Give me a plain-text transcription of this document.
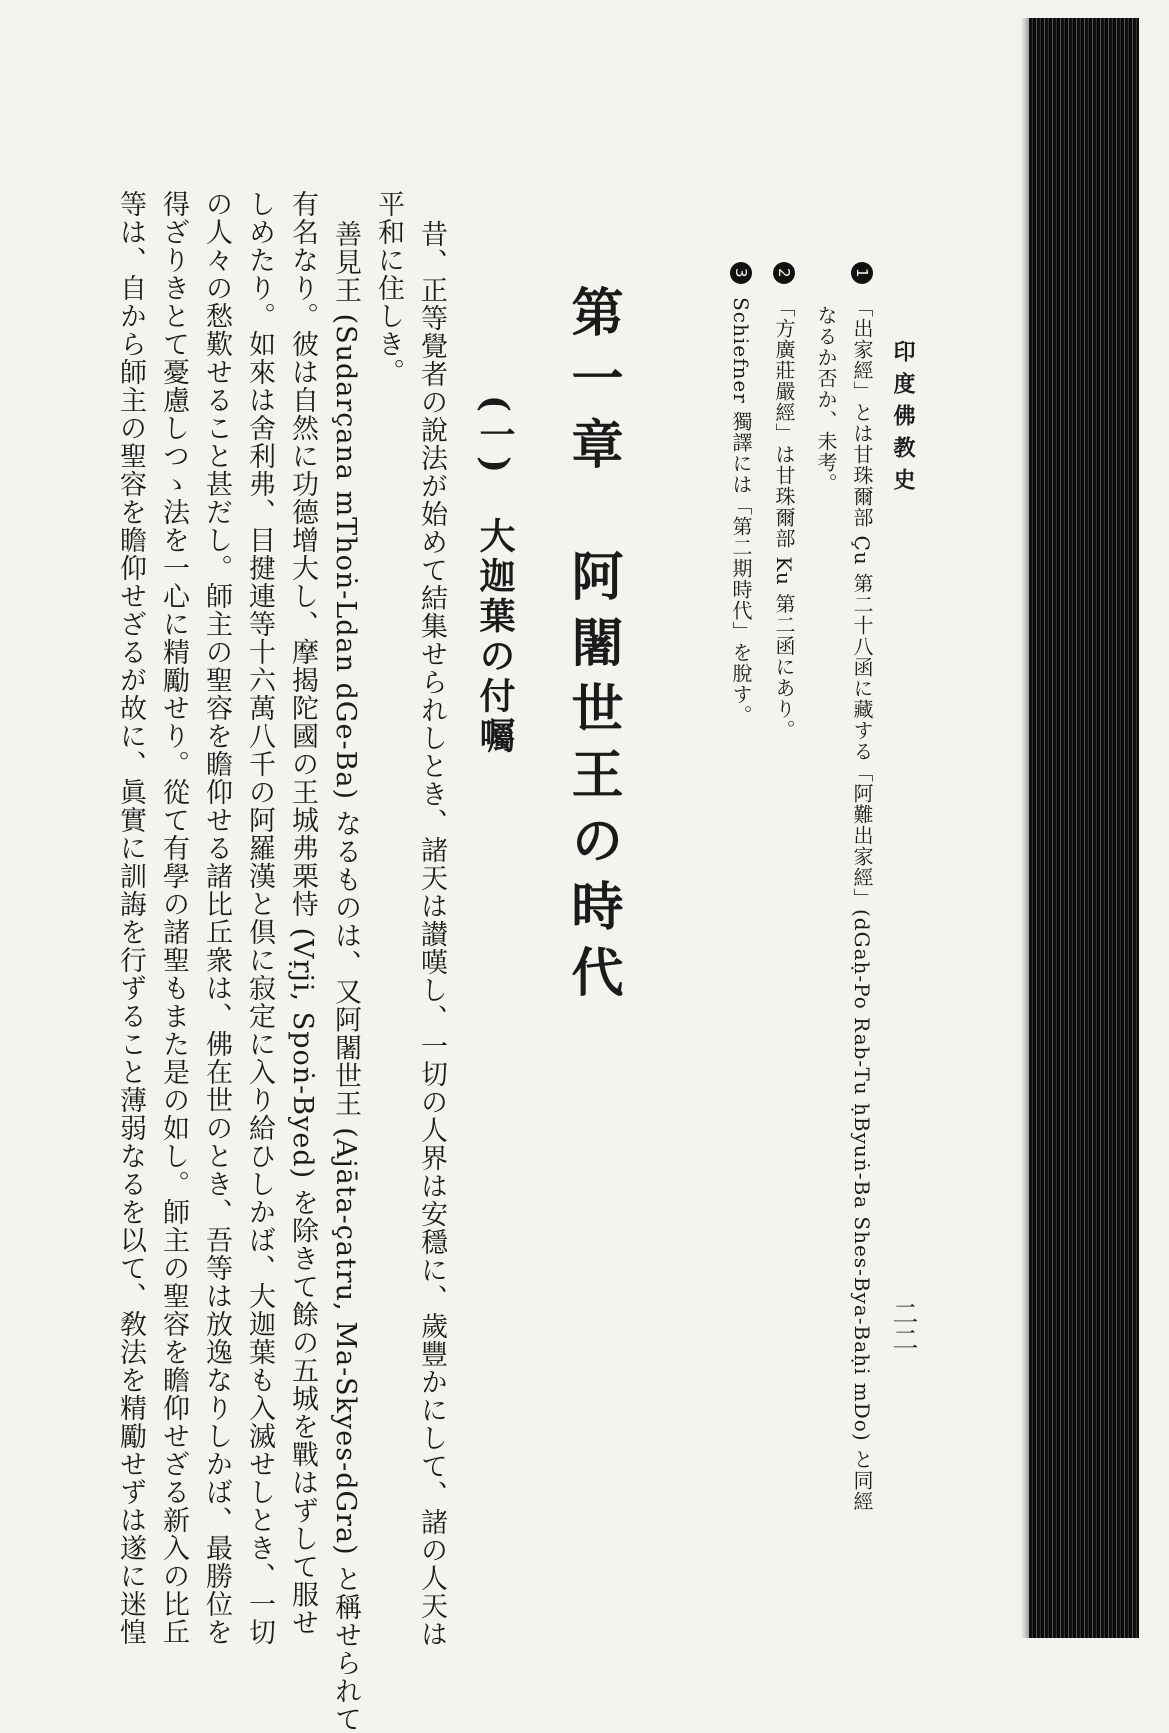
印度佛教史
二二
1 「出家經」とは甘珠爾部 Çu 第二十八函に藏する「阿難出家經」(dGaḥ-Po Rab-Tu ḥByuṅ-Ba Shes-Bya-Baḥi mDo) と同經
なるか否か、未考。
2 「方廣莊嚴經」は甘珠爾部 Ku 第二函にあり。
3 Schiefner 獨譯には「第二期時代」を脫す。
第一章　阿闍世王の時代
(一)　大迦葉の付囑
昔、正等覺者の說法が始めて結集せられしとき、諸天は讃嘆し、一切の人界は安穩に、歲豐かにして、諸の人天は
平和に住しき。
善見王 (Sudarçana mThoṅ-Ldan dGe-Ba) なるものは、又阿闍世王 (Ajāta-çatru, Ma-Skyes-dGra) と稱せられて
有名なり。彼は自然に功德增大し、摩揭陀國の王城弗栗恃 (Vṛji, Spoṅ-Byed) を除きて餘の五城を戰はずして服せ
しめたり。如來は舍利弗、目揵連等十六萬八千の阿羅漢と倶に寂定に入り給ひしかば、大迦葉も入滅せしとき、一切
の人々の愁歎せること甚だし。師主の聖容を瞻仰せる諸比丘衆は、佛在世のとき、吾等は放逸なりしかば、最勝位を
得ざりきとて憂慮しつゝ法を一心に精勵せり。從て有學の諸聖もまた是の如し。師主の聖容を瞻仰せざる新入の比丘
等は、自から師主の聖容を瞻仰せざるが故に、眞實に訓誨を行ずること薄弱なるを以て、敎法を精勵せずは遂に迷惶
